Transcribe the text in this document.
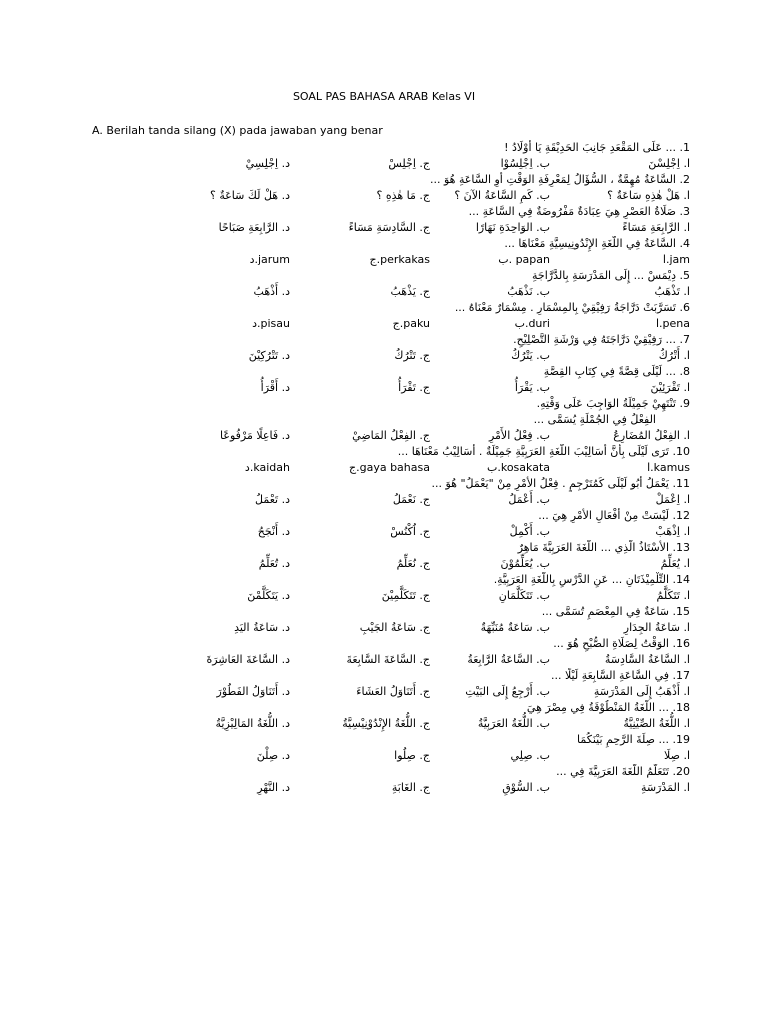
SOAL PAS BAHASA ARAB Kelas VI
A. Berilah tanda silang (X) pada jawaban yang benar
.1 ... عَلَى المَقْعَدِ جَانِبَ الحَدِيْقَةِ يَا أَوْلَادُ !
ا. اِجْلِسْنَ
ب. اِجْلِسُوْا
ج. اِجْلِسْ
د. اِجْلِسِيْ
.2 السَّاعَةُ مُهِمَّةٌ ، السُّؤَالُ لِمَعْرِفَةِ الوَقْتِ أَوِ السَّاعَةِ هُوَ ...
ا. هَلْ هٰذِهِ سَاعَةٌ ؟
ب. كَمِ السَّاعَةُ الآنَ ؟
ج. مَا هٰذِهِ ؟
د. هَلْ لَكَ سَاعَةٌ ؟
.3 صَلَاةُ العَصْرِ هِيَ عِبَادَةٌ مَفْرُوضَةٌ فِي السَّاعَةِ ...
ا. الرَّابِعَةِ مَسَاءً
ب. الوَاحِدَةِ نَهَارًا
ج. السَّادِسَةِ مَسَاءً
د. الرَّابِعَةِ صَبَاحًا
.4 السَّاعَةُ فِي اللُّغَةِ الإِنْدُونِيسِيَّةِ مَعْنَاهَا ...
jam.ا
papan .ب
perkakas.ج
jarum.د
.5 دِيْمَسْ ... إِلَى المَدْرَسَةِ بِالدَّرَّاجَةِ
ا. تَذْهَبُ
ب. نَذْهَبُ
ج. يَذْهَبُ
د. أَذْهَبُ
.6 تَسَرَّبَتْ دَرَّاجَةُ رَفِيْقِيْ بِالمِسْمَارِ . مِسْمَارٌ مَعْنَاهُ ...
pena.ا
duri.ب
paku.ج
pisau.د
.7 ... رَفِيْقِيْ دَرَّاجَتَهُ فِي وَرْشَةِ التَّصْلِيْحِ.
ا. أَتْرُكُ
ب. يَتْرُكُ
ج. تَتْرُكُ
د. تَتْرُكِيْنَ
.8 ... لَيْلَى قِصَّةً فِي كِتَابِ القِصَّةِ
ا. تَقْرَئِيْنَ
ب. يَقْرَأُ
ج. تَقْرَأُ
د. أَقْرَأُ
.9 تَنْتَهِيْ جَمِيْلَةُ الوَاجِبَ عَلَى وَقْتِهِ.
الفِعْلُ فِي الجُمْلَةِ يُسَمَّى ...
ا. الفِعْلُ المُضَارِعُ
ب. فِعْلُ الأَمْرِ
ج. الفِعْلُ المَاضِيْ
د. فَاعِلًا مَرْفُوعًا
.10 تَرَى لَيْلَى بِأَنَّ أَسَالِيْبَ اللُّغَةِ العَرَبِيَّةِ جَمِيْلَةٌ . أَسَالِيْبُ مَعْنَاهَا ...
kamus.ا
kosakata.ب
gaya bahasa.ج
kaidah.د
.11 يَعْمَلُ أَبُو لَيْلَى كَمُتَرْجِمٍ . فِعْلُ الأَمْرِ مِنْ "يَعْمَلُ" هُوَ ...
ا. اِعْمَلْ
ب. أَعْمَلُ
ج. نَعْمَلُ
د. تَعْمَلُ
.12 لَيْسَتْ مِنْ أَفْعَالِ الأَمْرِ هِيَ ...
ا. اِذْهَبْ
ب. أَكْمِلْ
ج. اُكْنُسْ
د. أَنْجَحُ
.13 الأُسْتَاذُ الَّذِي ... اللُّغَةَ العَرَبِيَّةَ مَاهِرٌ
ا. يُعَلِّمُ
ب. يُعَلِّمُوْنَ
ج. نُعَلِّمُ
د. تُعَلِّمُ
.14 التِّلْمِيْذَتَانِ ... عَنِ الدَّرْسِ بِاللُّغَةِ العَرَبِيَّةِ.
ا. تَتَكَلَّمُ
ب. تَتَكَلَّمَانِ
ج. تَتَكَلَّمِيْنَ
د. يَتَكَلَّمْنَ
.15 سَاعَةٌ فِي المِعْصَمِ تُسَمَّى ...
ا. سَاعَةُ الجِدَارِ
ب. سَاعَةٌ مُنَبِّهَةٌ
ج. سَاعَةُ الجَيْبِ
د. سَاعَةُ اليَدِ
.16 الوَقْتُ لِصَلَاةِ الصُّبْحِ هُوَ ...
ا. السَّاعَةُ السَّادِسَةُ
ب. السَّاعَةُ الرَّابِعَةُ
ج. السَّاعَةَ السَّابِعَةَ
د. السَّاعَةَ العَاشِرَةَ
.17 فِي السَّاعَةِ السَّابِعَةِ لَيْلًا ...
ا. أَذْهَبُ إِلَى المَدْرَسَةِ
ب. أَرْجِعُ إِلَى البَيْتِ
ج. أَتَنَاوَلُ العَشَاءَ
د. أَتَنَاوَلُ الفَطُوْرَ
.18 ... اللُّغَةُ المَنْطُوْقَةُ فِي مِصْرَ هِيَ
ا. اللُّغَةُ الصِّيْنِيَّةُ
ب. اللُّغَةُ العَرَبِيَّةُ
ج. اللُّغَةُ الإِنْدُوْنِيْسِيَّةُ
د. اللُّغَةُ المَالِيْزِيَّةُ
.19 ... صِلَةَ الرَّحِمِ بَيْنَكُمَا
ا. صِلَا
ب. صِلِي
ج. صِلُوا
د. صِلْنَ
.20 تَتَعَلَّمُ اللُّغَةَ العَرَبِيَّةَ فِي ...
ا. المَدْرَسَةِ
ب. السُّوْقِ
ج. الغَابَةِ
د. النَّهْرِ
